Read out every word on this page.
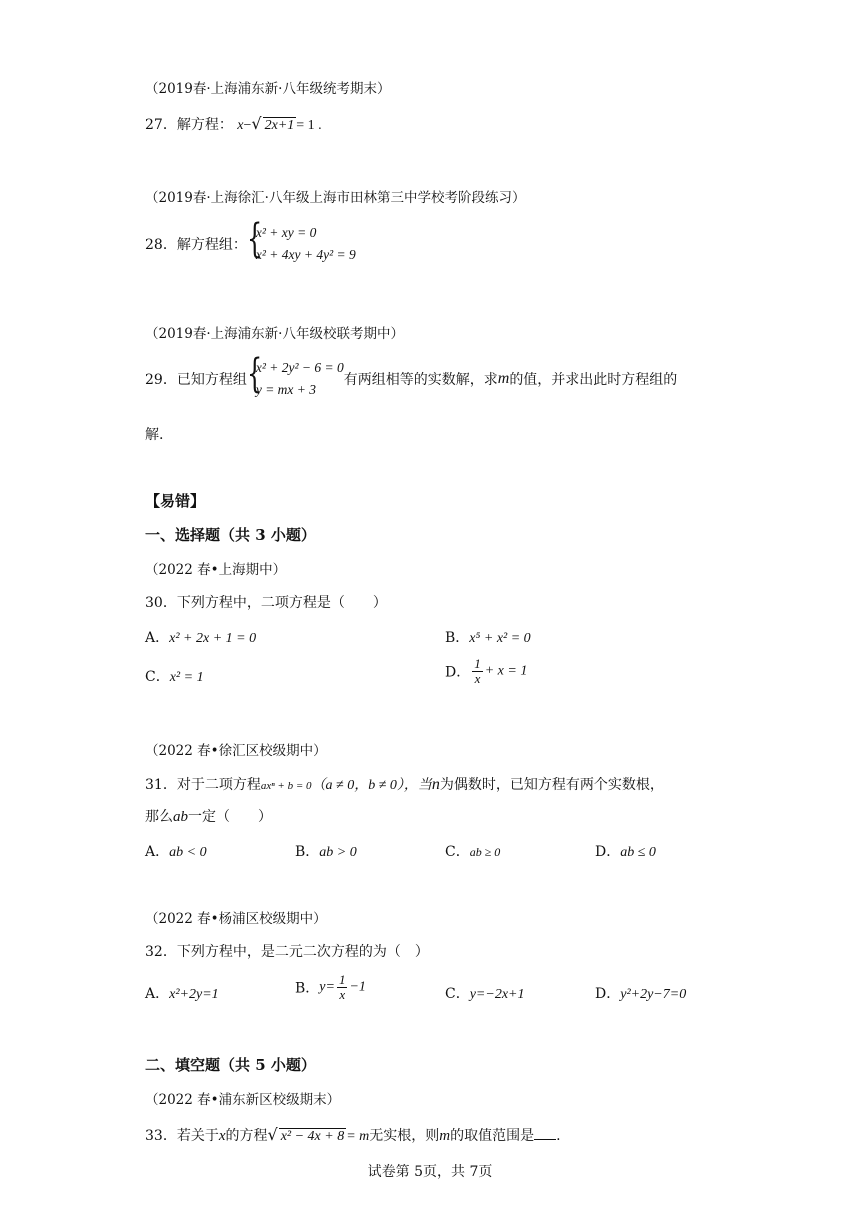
（2019春·上海浦东新·八年级统考期末）
27．解方程： x−√ 2x+1 = 1 .
（2019春·上海徐汇·八年级上海市田林第三中学校考阶段练习）
28．解方程组： {
x² + xy = 0
x² + 4xy + 4y² = 9
（2019春·上海浦东新·八年级校联考期中）
29．已知方程组 {
x² + 2y² − 6 = 0
y = mx + 3
有两组相等的实数解，求m的值，并求出此时方程组的
解.
【易错】
一、选择题（共 3 小题）
（2022 春•上海期中）
30．下列方程中，二项方程是（　　）
A．x² + 2x + 1 = 0	B．x⁵ + x² = 0
C．x² = 1	D． $\frac{1}{x} + x = 1$
（2022 春•徐汇区校级期中）
31．对于二项方程axⁿ + b = 0（a ≠ 0，b ≠ 0），当n为偶数时，已知方程有两个实数根，
那么ab一定（　　）
A．ab < 0	B．ab > 0	C．ab ≥ 0	D．ab ≤ 0
（2022 春•杨浦区校级期中）
32．下列方程中，是二元二次方程的为（　）
A．x²+2y=1	B．$y= \frac{1}{x} -1$	C．y=−2x+1	D．y²+2y−7=0
二、填空题（共 5 小题）
（2022 春•浦东新区校级期末）
33．若关于x的方程√ x² − 4x + 8 = m无实根，则m的取值范围是 .
试卷第 5页，共 7页
